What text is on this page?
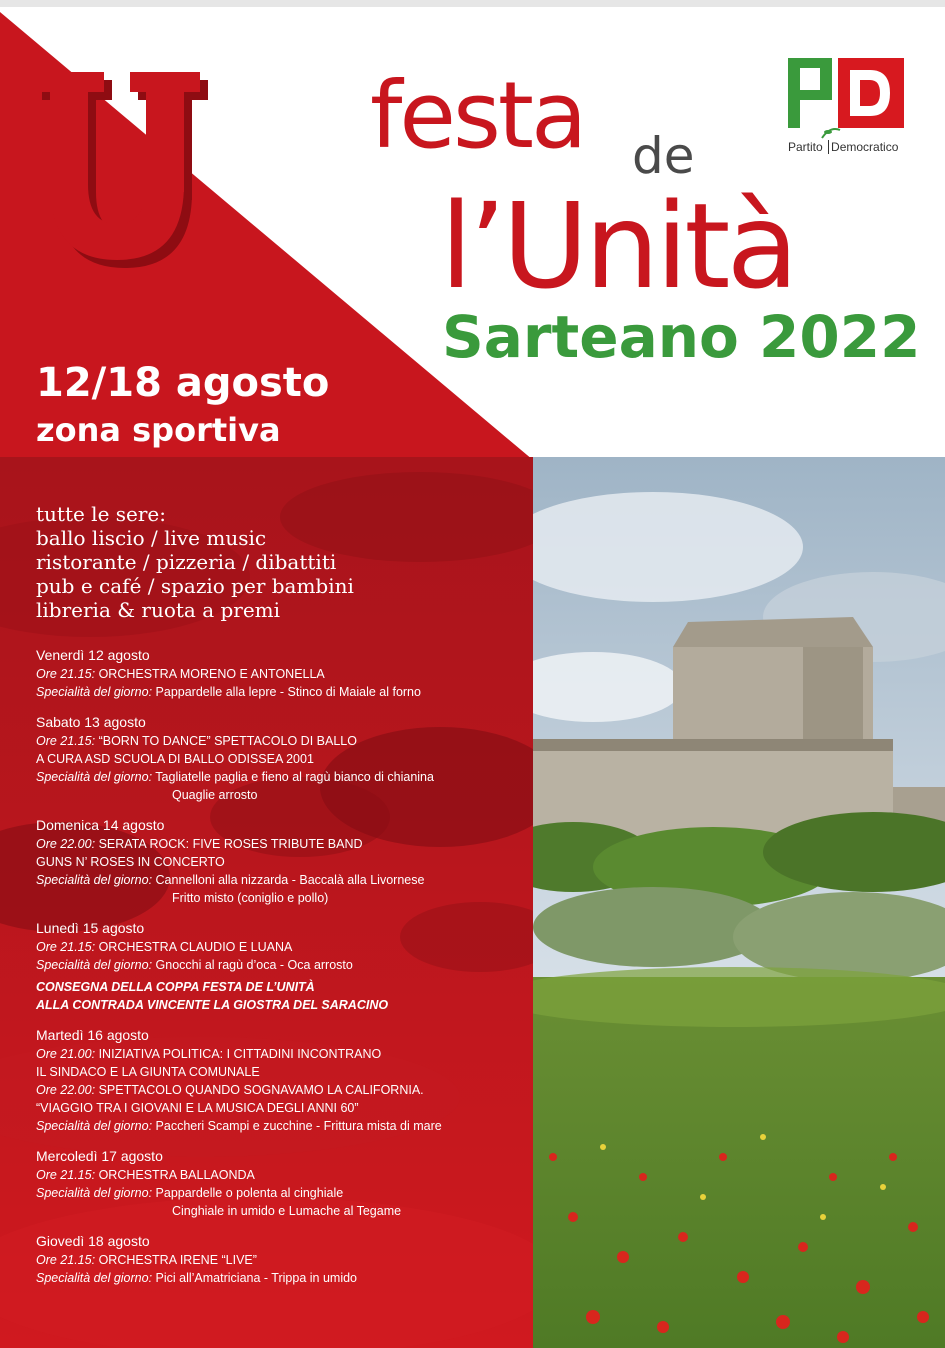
festa de
l’Unità
Sarteano 2022
Partito Democratico
12/18 agosto
zona sportiva
tutte le sere:
ballo liscio / live music
ristorante / pizzeria / dibattiti
pub e café / spazio per bambini
libreria & ruota a premi
Venerdì 12 agosto
Ore 21.15: ORCHESTRA MORENO E ANTONELLA
Specialità del giorno: Pappardelle alla lepre - Stinco di Maiale al forno
Sabato 13 agosto
Ore 21.15: “BORN TO DANCE” SPETTACOLO DI BALLO
A CURA ASD SCUOLA DI BALLO ODISSEA 2001
Specialità del giorno: Tagliatelle paglia e fieno al ragù bianco di chianina
Quaglie arrosto
Domenica 14 agosto
Ore 22.00: SERATA ROCK: FIVE ROSES TRIBUTE BAND
GUNS N’ ROSES IN CONCERTO
Specialità del giorno: Cannelloni alla nizzarda - Baccalà alla Livornese
Fritto misto (coniglio e pollo)
Lunedì 15 agosto
Ore 21.15: ORCHESTRA CLAUDIO E LUANA
Specialità del giorno: Gnocchi al ragù d’oca - Oca arrosto
CONSEGNA DELLA COPPA FESTA DE L’UNITÀ
ALLA CONTRADA VINCENTE LA GIOSTRA DEL SARACINO
Martedì 16 agosto
Ore 21.00: INIZIATIVA POLITICA: I CITTADINI INCONTRANO
IL SINDACO E LA GIUNTA COMUNALE
Ore 22.00: SPETTACOLO QUANDO SOGNAVAMO LA CALIFORNIA.
“VIAGGIO TRA I GIOVANI E LA MUSICA DEGLI ANNI 60”
Specialità del giorno: Paccheri Scampi e zucchine - Frittura mista di mare
Mercoledì 17 agosto
Ore 21.15: ORCHESTRA BALLAONDA
Specialità del giorno: Pappardelle o polenta al cinghiale
Cinghiale in umido e Lumache al Tegame
Giovedì 18 agosto
Ore 21.15: ORCHESTRA IRENE “LIVE”
Specialità del giorno: Pici all’Amatriciana - Trippa in umido
